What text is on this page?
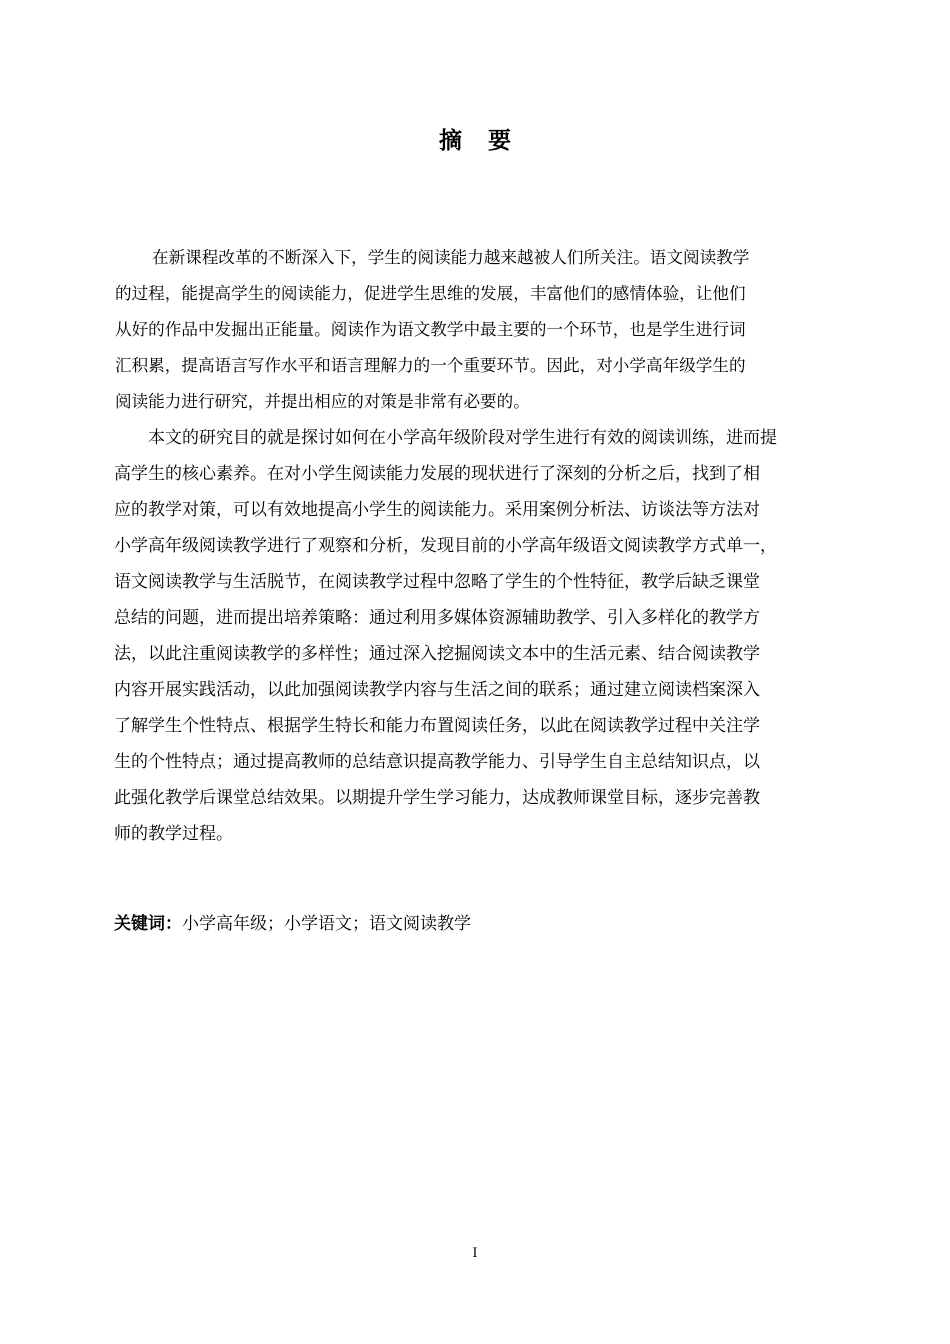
摘要
在新课程改革的不断深入下，学生的阅读能力越来越被人们所关注。语文阅读教学
的过程，能提高学生的阅读能力，促进学生思维的发展，丰富他们的感情体验，让他们
从好的作品中发掘出正能量。阅读作为语文教学中最主要的一个环节，也是学生进行词
汇积累，提高语言写作水平和语言理解力的一个重要环节。因此，对小学高年级学生的
阅读能力进行研究，并提出相应的对策是非常有必要的。
本文的研究目的就是探讨如何在小学高年级阶段对学生进行有效的阅读训练，进而提
高学生的核心素养。在对小学生阅读能力发展的现状进行了深刻的分析之后，找到了相
应的教学对策，可以有效地提高小学生的阅读能力。采用案例分析法、访谈法等方法对
小学高年级阅读教学进行了观察和分析，发现目前的小学高年级语文阅读教学方式单一，
语文阅读教学与生活脱节，在阅读教学过程中忽略了学生的个性特征，教学后缺乏课堂
总结的问题，进而提出培养策略：通过利用多媒体资源辅助教学、引入多样化的教学方
法，以此注重阅读教学的多样性；通过深入挖掘阅读文本中的生活元素、结合阅读教学
内容开展实践活动，以此加强阅读教学内容与生活之间的联系；通过建立阅读档案深入
了解学生个性特点、根据学生特长和能力布置阅读任务，以此在阅读教学过程中关注学
生的个性特点；通过提高教师的总结意识提高教学能力、引导学生自主总结知识点，以
此强化教学后课堂总结效果。以期提升学生学习能力，达成教师课堂目标，逐步完善教
师的教学过程。
关键词：小学高年级；小学语文；语文阅读教学
I
